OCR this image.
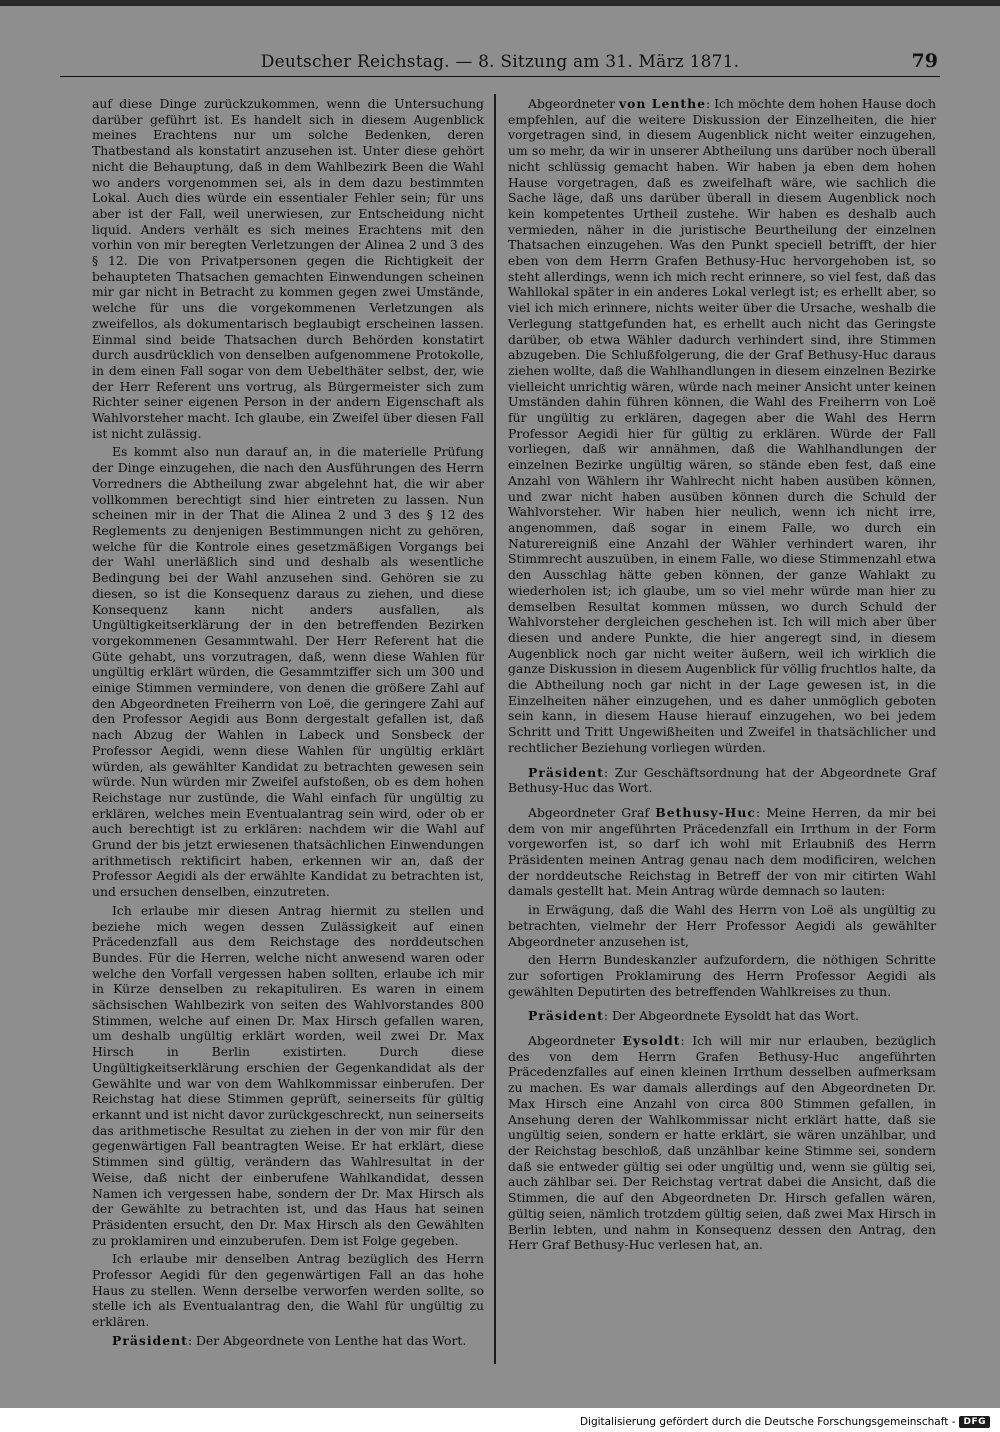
Deutscher Reichstag. — 8. Sitzung am 31. März 1871.	79

auf diese Dinge zurückzukommen, wenn die Untersuchung darüber geführt ist. Es handelt sich in diesem Augenblick meines Erachtens nur um solche Bedenken, deren Thatbestand als konstatirt anzusehen ist. Unter diese gehört nicht die Behauptung, daß in dem Wahlbezirk Been die Wahl wo anders vorgenommen sei, als in dem dazu bestimmten Lokal. Auch dies würde ein essentialer Fehler sein; für uns aber ist der Fall, weil unerwiesen, zur Entscheidung nicht liquid. Anders verhält es sich meines Erachtens mit den vorhin von mir beregten Verletzungen der Alinea 2 und 3 des § 12. Die von Privatpersonen gegen die Richtigkeit der behaupteten Thatsachen gemachten Einwendungen scheinen mir gar nicht in Betracht zu kommen gegen zwei Umstände, welche für uns die vorgekommenen Verletzungen als zweifellos, als dokumentarisch beglaubigt erscheinen lassen. Einmal sind beide Thatsachen durch Behörden konstatirt durch ausdrücklich von denselben aufgenommene Protokolle, in dem einen Fall sogar von dem Uebelthäter selbst, der, wie der Herr Referent uns vortrug, als Bürgermeister sich zum Richter seiner eigenen Person in der andern Eigenschaft als Wahlvorsteher macht. Ich glaube, ein Zweifel über diesen Fall ist nicht zulässig.

Es kommt also nun darauf an, in die materielle Prüfung der Dinge einzugehen, die nach den Ausführungen des Herrn Vorredners die Abtheilung zwar abgelehnt hat, die wir aber vollkommen berechtigt sind hier eintreten zu lassen. Nun scheinen mir in der That die Alinea 2 und 3 des § 12 des Reglements zu denjenigen Bestimmungen nicht zu gehören, welche für die Kontrole eines gesetzmäßigen Vorgangs bei der Wahl unerläßlich sind und deshalb als wesentliche Bedingung bei der Wahl anzusehen sind. Gehören sie zu diesen, so ist die Konsequenz daraus zu ziehen, und diese Konsequenz kann nicht anders ausfallen, als Ungültigkeitserklärung der in den betreffenden Bezirken vorgekommenen Gesammtwahl. Der Herr Referent hat die Güte gehabt, uns vorzutragen, daß, wenn diese Wahlen für ungültig erklärt würden, die Gesammtziffer sich um 300 und einige Stimmen verminderе, von denen die größere Zahl auf den Abgeordneten Freiherrn von Loë, die geringere Zahl auf den Professor Aegidi aus Bonn dergestalt gefallen ist, daß nach Abzug der Wahlen in Labeck und Sonsbeck der Professor Aegidi, wenn diese Wahlen für ungültig erklärt würden, als gewählter Kandidat zu betrachten gewesen sein würde. Nun würden mir Zweifel aufstoßen, ob es dem hohen Reichstage nur zustünde, die Wahl einfach für ungültig zu erklären, welches mein Eventualantrag sein wird, oder ob er auch berechtigt ist zu erklären: nachdem wir die Wahl auf Grund der bis jetzt erwiesenen thatsächlichen Einwendungen arithmetisch rektificirt haben, erkennen wir an, daß der Professor Aegidi als der erwählte Kandidat zu betrachten ist, und ersuchen denselben, einzutreten.

Ich erlaube mir diesen Antrag hiermit zu stellen und beziehe mich wegen dessen Zulässigkeit auf einen Präcedenzfall aus dem Reichstage des norddeutschen Bundes. Für die Herren, welche nicht anwesend waren oder welche den Vorfall vergessen haben sollten, erlaube ich mir in Kürze denselben zu rekapituliren. Es waren in einem sächsischen Wahlbezirk von seiten des Wahlvorstandes 800 Stimmen, welche auf einen Dr. Max Hirsch gefallen waren, um deshalb ungültig erklärt worden, weil zwei Dr. Max Hirsch in Berlin existirten. Durch diese Ungültigkeitserklärung erschien der Gegenkandidat als der Gewählte und war von dem Wahlkommissar einberufen. Der Reichstag hat diese Stimmen geprüft, seinerseits für gültig erkannt und ist nicht davor zurückgeschreckt, nun seinerseits das arithmetische Resultat zu ziehen in der von mir für den gegenwärtigen Fall beantragten Weise. Er hat erklärt, diese Stimmen sind gültig, verändern das Wahlresultat in der Weise, daß nicht der einberufene Wahlkandidat, dessen Namen ich vergessen habe, sondern der Dr. Max Hirsch als der Gewählte zu betrachten ist, und das Haus hat seinen Präsidenten ersucht, den Dr. Max Hirsch als den Gewählten zu proklamiren und einzuberufen. Dem ist Folge gegeben.

Ich erlaube mir denselben Antrag bezüglich des Herrn Professor Aegidi für den gegenwärtigen Fall an das hohe Haus zu stellen. Wenn derselbe verworfen werden sollte, so stelle ich als Eventualantrag den, die Wahl für ungültig zu erklären.

Präsident: Der Abgeordnete von Lenthe hat das Wort.

Abgeordneter von Lenthe: Ich möchte dem hohen Hause doch empfehlen, auf die weitere Diskussion der Einzelheiten, die hier vorgetragen sind, in diesem Augenblick nicht weiter einzugehen, um so mehr, da wir in unserer Abtheilung uns darüber noch überall nicht schlüssig gemacht haben. Wir haben ja eben dem hohen Hause vorgetragen, daß es zweifelhaft wäre, wie sachlich die Sache läge, daß uns darüber überall in diesem Augenblick noch kein kompetentes Urtheil zustehe. Wir haben es deshalb auch vermieden, näher in die juristische Beurtheilung der einzelnen Thatsachen einzugehen. Was den Punkt speciell betrifft, der hier eben von dem Herrn Grafen Bethusy-Huc hervorgehoben ist, so steht allerdings, wenn ich mich recht erinnere, so viel fest, daß das Wahllokal später in ein anderes Lokal verlegt ist; es erhellt aber, so viel ich mich erinnere, nichts weiter über die Ursache, weshalb die Verlegung stattgefunden hat, es erhellt auch nicht das Geringste darüber, ob etwa Wähler dadurch verhindert sind, ihre Stimmen abzugeben. Die Schlußfolgerung, die der Graf Bethusy-Huc daraus ziehen wollte, daß die Wahlhandlungen in diesem einzelnen Bezirke vielleicht unrichtig wären, würde nach meiner Ansicht unter keinen Umständen dahin führen können, die Wahl des Freiherrn von Loë für ungültig zu erklären, dagegen aber die Wahl des Herrn Professor Aegidi hier für gültig zu erklären. Würde der Fall vorliegen, daß wir annähmen, daß die Wahlhandlungen der einzelnen Bezirke ungültig wären, so stände eben fest, daß eine Anzahl von Wählern ihr Wahlrecht nicht haben ausüben können, und zwar nicht haben ausüben können durch die Schuld der Wahlvorsteher. Wir haben hier neulich, wenn ich nicht irre, angenommen, daß sogar in einem Falle, wo durch ein Naturereigniß eine Anzahl der Wähler verhindert waren, ihr Stimmrecht auszuüben, in einem Falle, wo diese Stimmenzahl etwa den Ausschlag hätte geben können, der ganze Wahlakt zu wiederholen ist; ich glaube, um so viel mehr würde man hier zu demselben Resultat kommen müssen, wo durch Schuld der Wahlvorsteher dergleichen geschehen ist. Ich will mich aber über diesen und andere Punkte, die hier angeregt sind, in diesem Augenblick noch gar nicht weiter äußern, weil ich wirklich die ganze Diskussion in diesem Augenblick für völlig fruchtlos halte, da die Abtheilung noch gar nicht in der Lage gewesen ist, in die Einzelheiten näher einzugehen, und es daher unmöglich geboten sein kann, in diesem Hause hierauf einzugehen, wo bei jedem Schritt und Tritt Ungewißheiten und Zweifel in thatsächlicher und rechtlicher Beziehung vorliegen würden.

Präsident: Zur Geschäftsordnung hat der Abgeordnete Graf Bethusy-Huc das Wort.

Abgeordneter Graf Bethusy-Huc: Meine Herren, da mir bei dem von mir angeführten Präcedenzfall ein Irrthum in der Form vorgeworfen ist, so darf ich wohl mit Erlaubniß des Herrn Präsidenten meinen Antrag genau nach dem modificiren, welchen der norddeutsche Reichstag in Betreff der von mir citirten Wahl damals gestellt hat. Mein Antrag würde demnach so lauten:

in Erwägung, daß die Wahl des Herrn von Loë als ungültig zu betrachten, vielmehr der Herr Professor Aegidi als gewählter Abgeordneter anzusehen ist,

den Herrn Bundeskanzler aufzufordern, die nöthigen Schritte zur sofortigen Proklamirung des Herrn Professor Aegidi als gewählten Deputirten des betreffenden Wahlkreises zu thun.

Präsident: Der Abgeordnete Eysoldt hat das Wort.

Abgeordneter Eysoldt: Ich will mir nur erlauben, bezüglich des von dem Herrn Grafen Bethusy-Huc angeführten Präcedenzfalles auf einen kleinen Irrthum desselben aufmerksam zu machen. Es war damals allerdings auf den Abgeordneten Dr. Max Hirsch eine Anzahl von circa 800 Stimmen gefallen, in Ansehung deren der Wahlkommissar nicht erklärt hatte, daß sie ungültig seien, sondern er hatte erklärt, sie wären unzählbar, und der Reichstag beschloß, daß unzählbar keine Stimme sei, sondern daß sie entweder gültig sei oder ungültig und, wenn sie gültig sei, auch zählbar sei. Der Reichstag vertrat dabei die Ansicht, daß die Stimmen, die auf den Abgeordneten Dr. Hirsch gefallen wären, gültig seien, nämlich trotzdem gültig seien, daß zwei Max Hirsch in Berlin lebten, und nahm in Konsequenz dessen den Antrag, den Herr Graf Bethusy-Huc verlesen hat, an.

Digitalisierung gefördert durch die Deutsche Forschungsgemeinschaft - DFG
